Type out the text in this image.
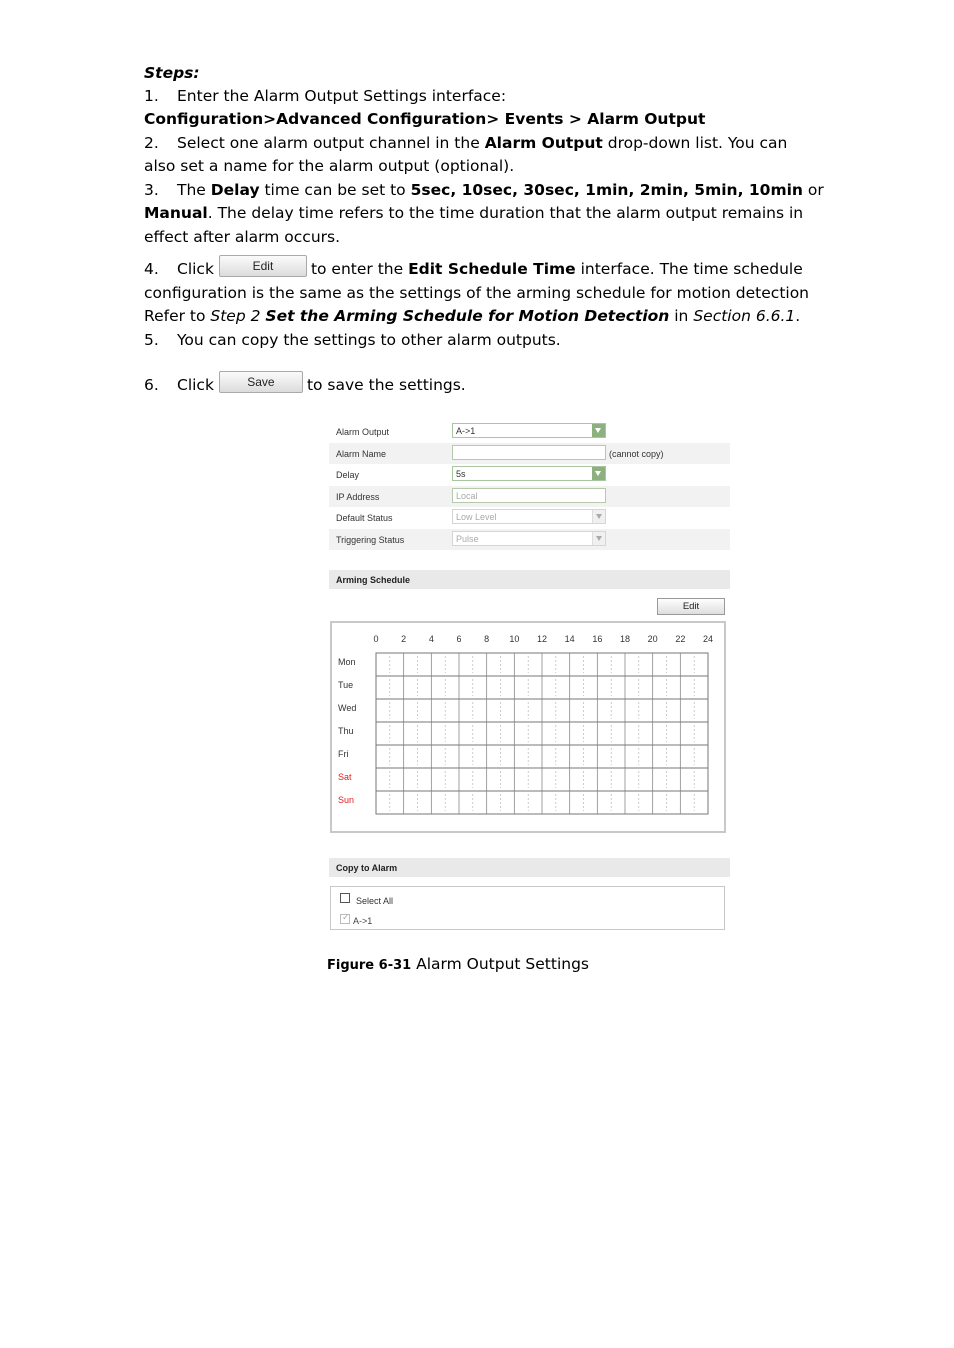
Steps:
1. Enter the Alarm Output Settings interface:
Configuration>Advanced Configuration> Events > Alarm Output
2. Select one alarm output channel in the Alarm Output drop-down list. You can
also set a name for the alarm output (optional).
3. The Delay time can be set to 5sec, 10sec, 30sec, 1min, 2min, 5min, 10min or
Manual. The delay time refers to the time duration that the alarm output remains in
effect after alarm occurs.
4. Click	Edit to enter the Edit Schedule Time interface. The time schedule
configuration is the same as the settings of the arming schedule for motion detection
Refer to Step 2 Set the Arming Schedule for Motion Detection in Section 6.6.1.
5. You can copy the settings to other alarm outputs.
6. Click	Save to save the settings.
Alarm Output	A->1
Alarm Name	(cannot copy)
Delay	5s
IP Address	Local
Default Status	Low Level
Triggering Status	Pulse
Arming Schedule
Edit
0	2	4	6	8 10 12 14 16 18 20 22 24
Mon
Tue
Wed
Thu
Fri
Sat
Sun
Copy to Alarm
Select All
✓
A->1
Figure 6-31 Alarm Output Settings
